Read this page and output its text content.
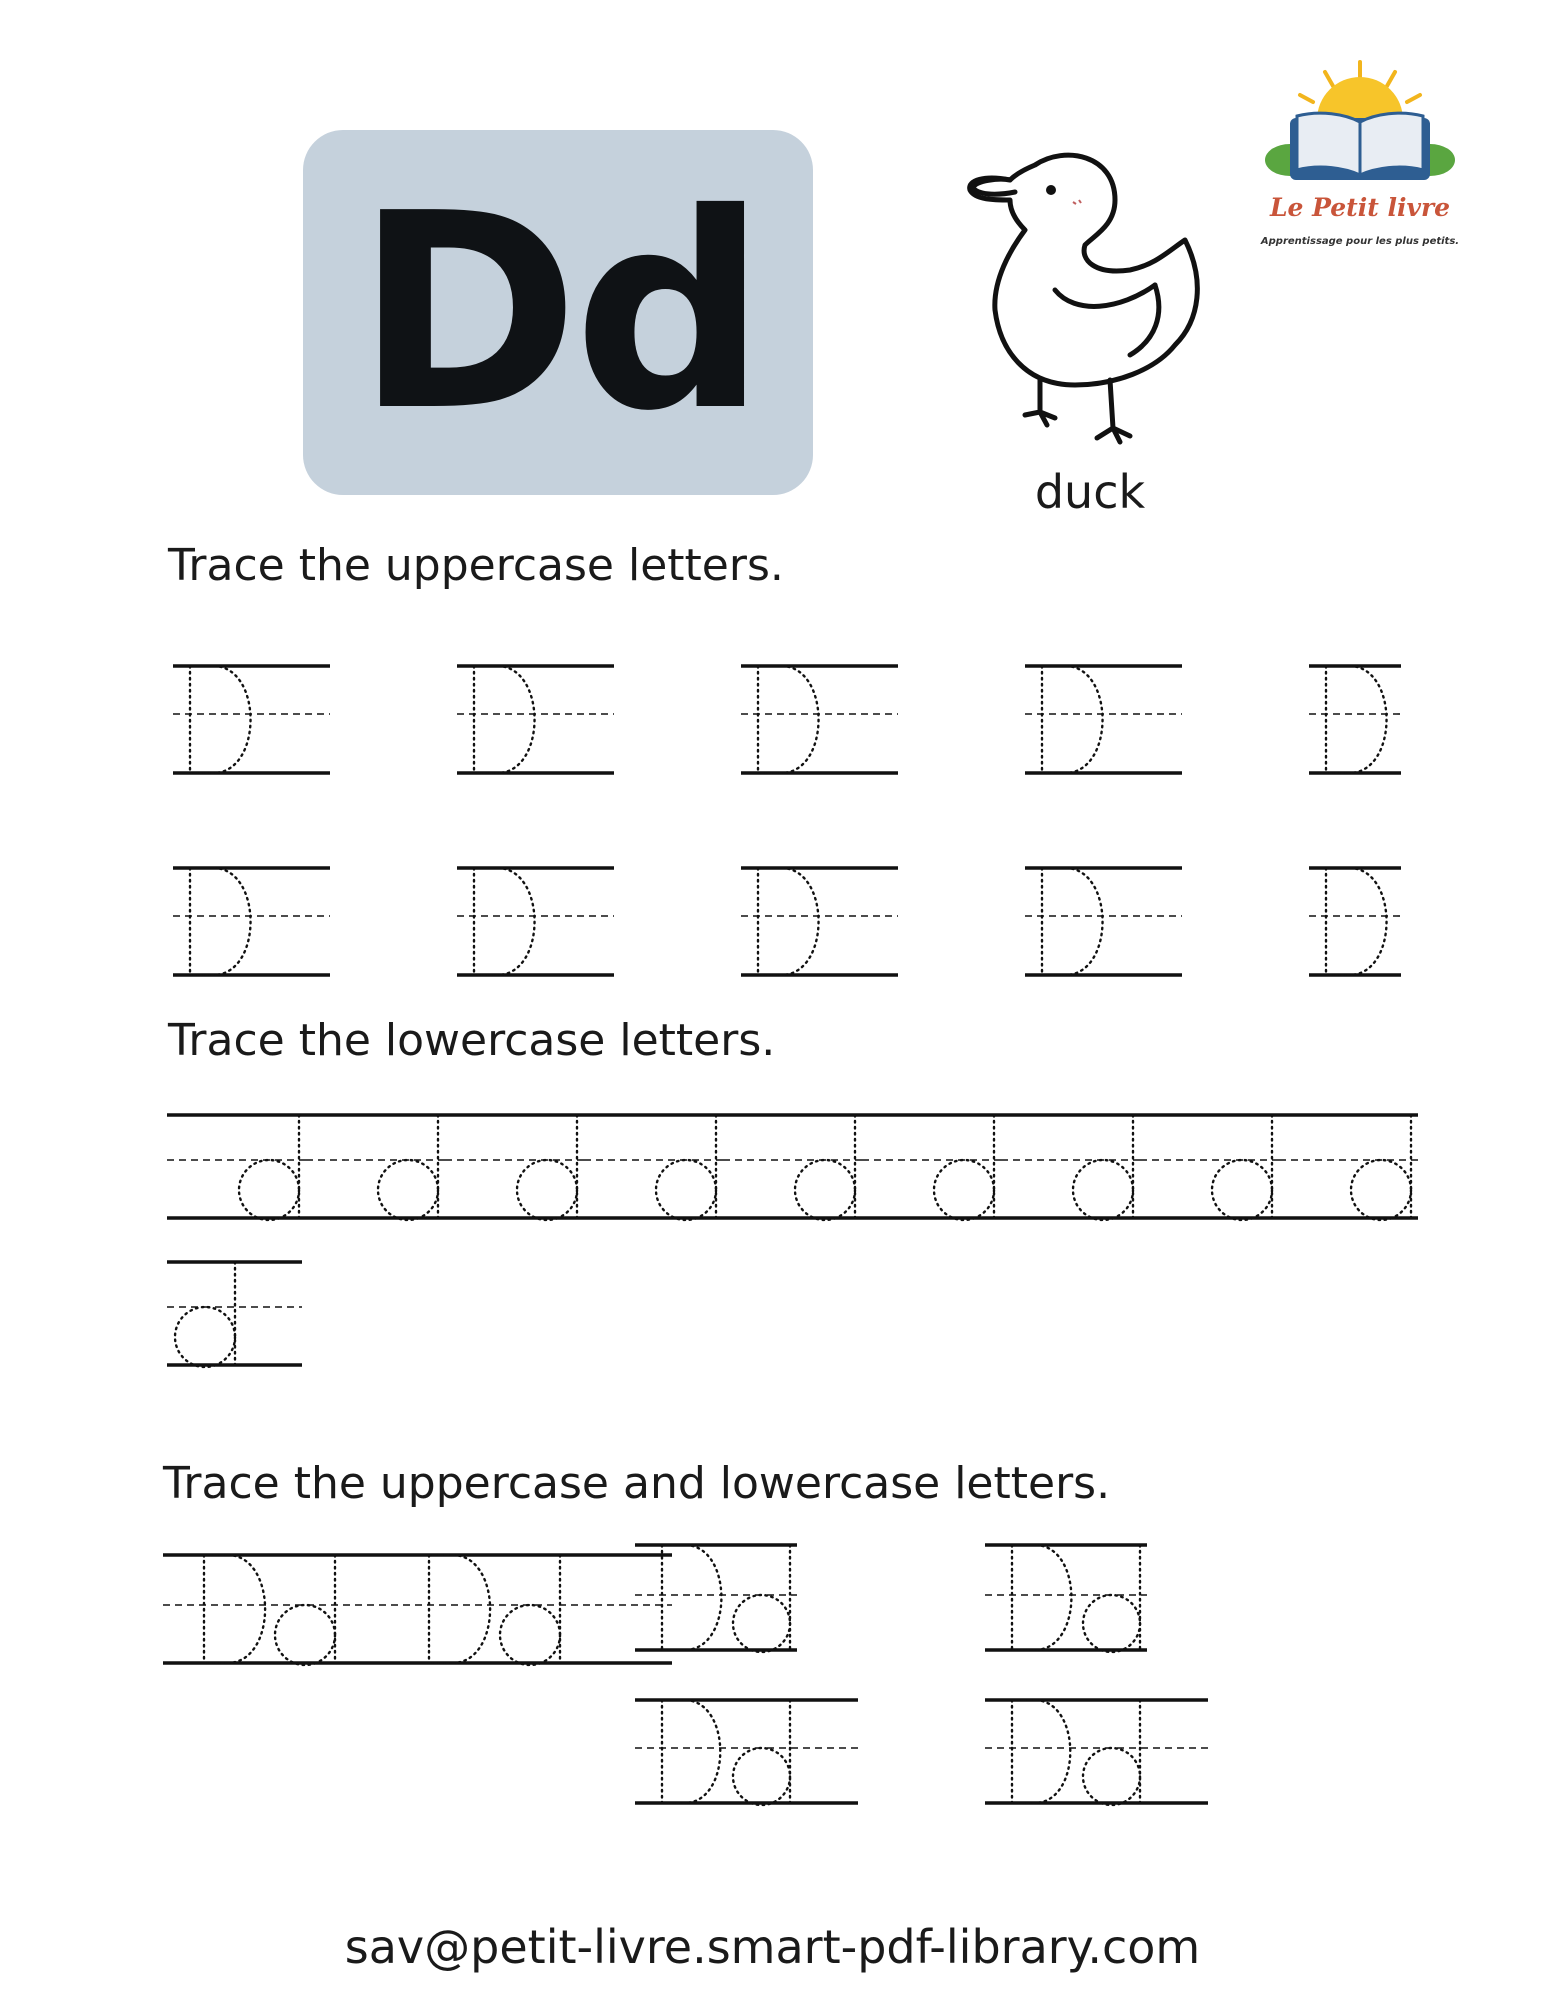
Dd
duck
Le Petit livre
Apprentissage pour les plus petits.
Trace the uppercase letters.
Trace the lowercase letters.
Trace the uppercase and lowercase letters.
sav@petit-livre.smart-pdf-library.com
